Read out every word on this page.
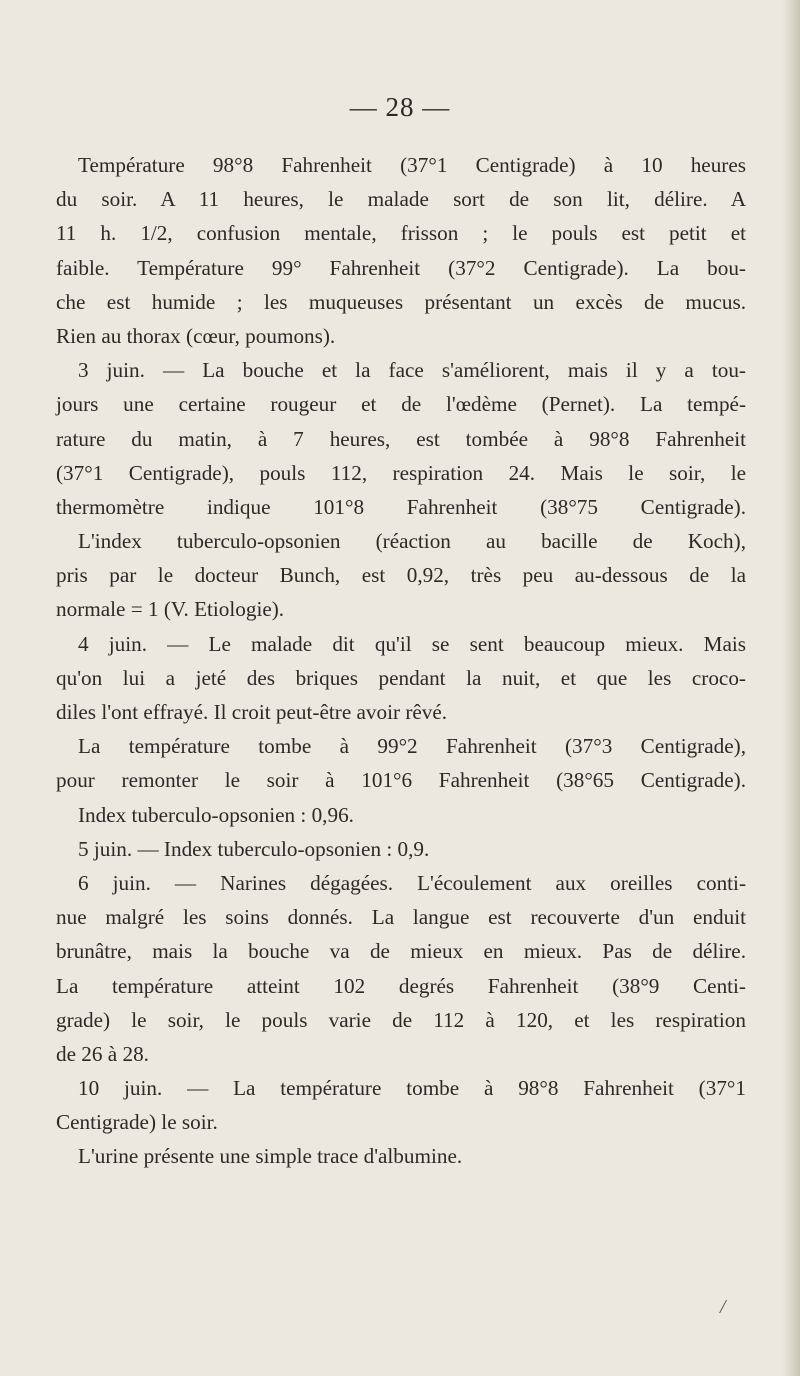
— 28 —
Température 98°8 Fahrenheit (37°1 Centigrade) à 10 heures
du soir. A 11 heures, le malade sort de son lit, délire. A
11 h. 1/2, confusion mentale, frisson ; le pouls est petit et
faible. Température 99° Fahrenheit (37°2 Centigrade). La bou-
che est humide ; les muqueuses présentant un excès de mucus.
Rien au thorax (cœur, poumons).
3 juin. — La bouche et la face s'améliorent, mais il y a tou-
jours une certaine rougeur et de l'œdème (Pernet). La tempé-
rature du matin, à 7 heures, est tombée à 98°8 Fahrenheit
(37°1 Centigrade), pouls 112, respiration 24. Mais le soir, le
thermomètre indique 101°8 Fahrenheit (38°75 Centigrade).
L'index tuberculo-opsonien (réaction au bacille de Koch),
pris par le docteur Bunch, est 0,92, très peu au-dessous de la
normale = 1 (V. Etiologie).
4 juin. — Le malade dit qu'il se sent beaucoup mieux. Mais
qu'on lui a jeté des briques pendant la nuit, et que les croco-
diles l'ont effrayé. Il croit peut-être avoir rêvé.
La température tombe à 99°2 Fahrenheit (37°3 Centigrade),
pour remonter le soir à 101°6 Fahrenheit (38°65 Centigrade).
Index tuberculo-opsonien : 0,96.
5 juin. — Index tuberculo-opsonien : 0,9.
6 juin. — Narines dégagées. L'écoulement aux oreilles conti-
nue malgré les soins donnés. La langue est recouverte d'un enduit
brunâtre, mais la bouche va de mieux en mieux. Pas de délire.
La température atteint 102 degrés Fahrenheit (38°9 Centi-
grade) le soir, le pouls varie de 112 à 120, et les respiration
de 26 à 28.
10 juin. — La température tombe à 98°8 Fahrenheit (37°1
Centigrade) le soir.
L'urine présente une simple trace d'albumine.
/
